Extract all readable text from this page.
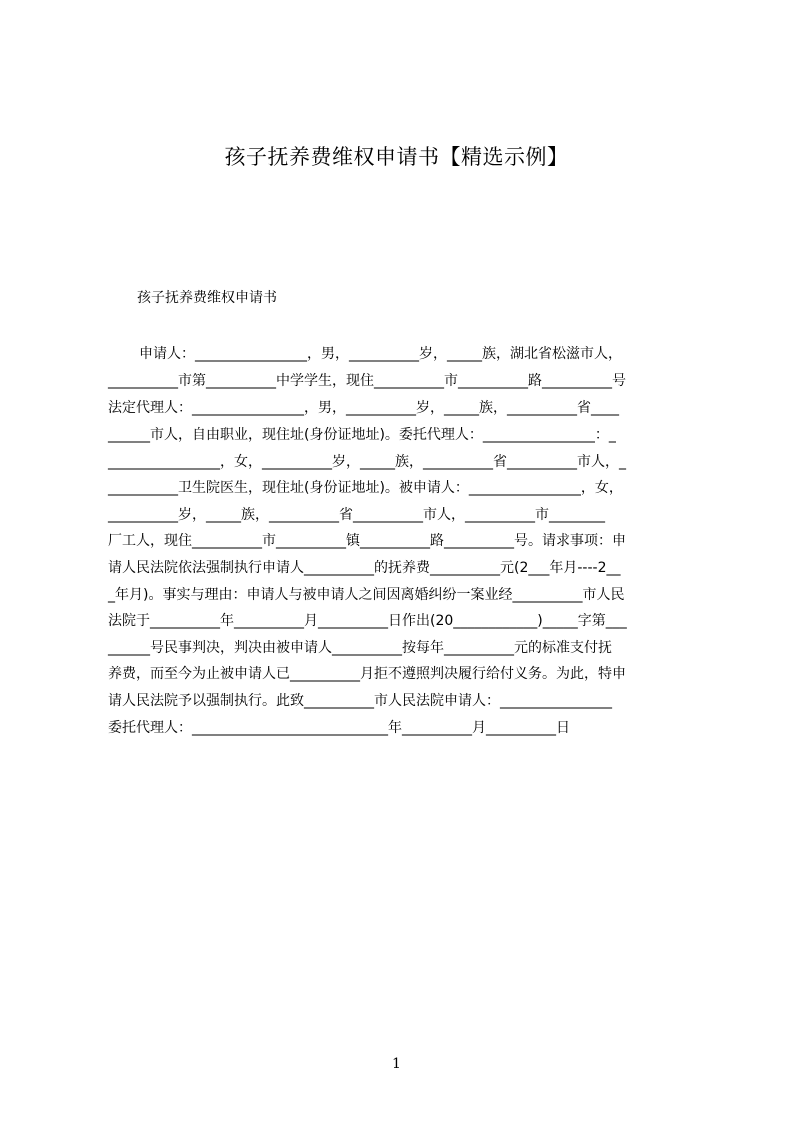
孩子抚养费维权申请书【精选示例】
孩子抚养费维权申请书
申请人：________________，男，__________岁，_____族，湖北省松滋市人，
__________市第__________中学学生，现住__________市__________路__________号
法定代理人：________________，男，__________岁，_____族，__________省____
______市人，自由职业，现住址(身份证地址)。委托代理人：________________：_
________________，女，__________岁，_____族，__________省__________市人，_
__________卫生院医生，现住址(身份证地址)。被申请人：________________，女，
__________岁，_____族，__________省__________市人，__________市________
厂工人，现住__________市__________镇__________路__________号。请求事项：申
请人民法院依法强制执行申请人__________的抚养费__________元(2___年月----2__
_年月)。事实与理由：申请人与被申请人之间因离婚纠纷一案业经__________市人民
法院于__________年__________月__________日作出(20____________)_____字第___
______号民事判决，判决由被申请人__________按每年__________元的标准支付抚
养费，而至今为止被申请人已__________月拒不遵照判决履行给付义务。为此，特申
请人民法院予以强制执行。此致__________市人民法院申请人：________________
委托代理人：____________________________年__________月__________日
1
